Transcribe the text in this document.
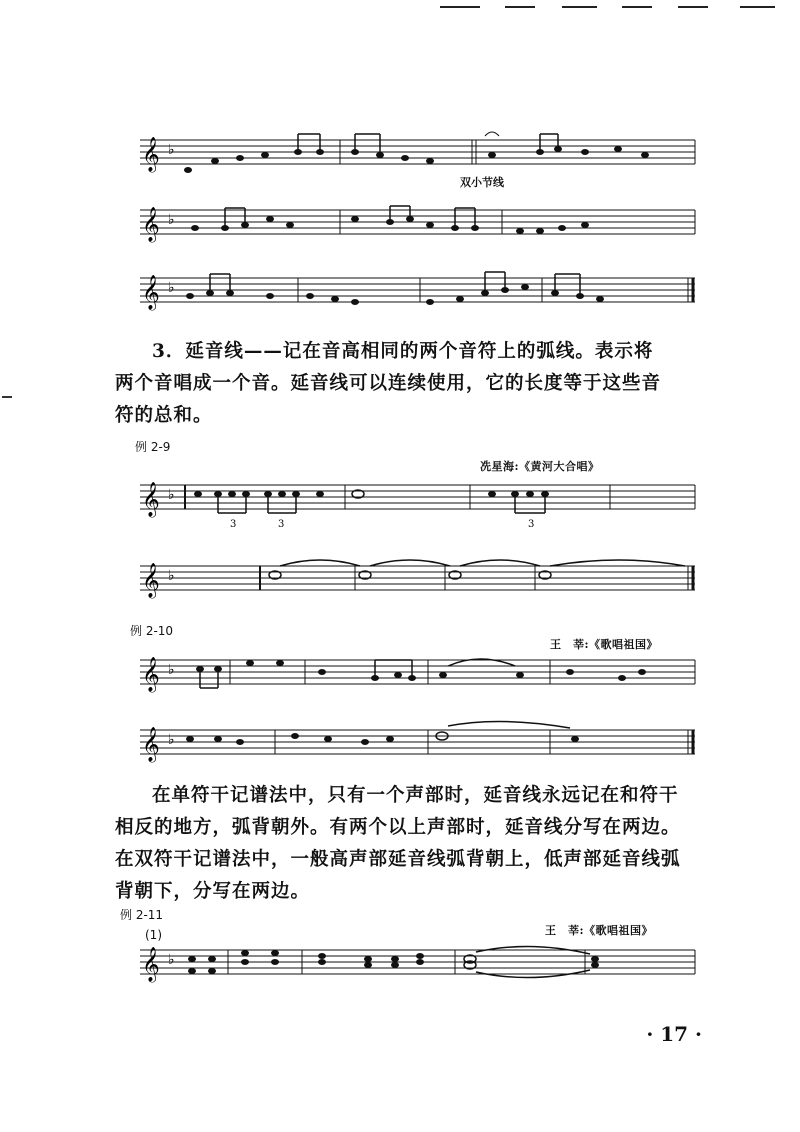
𝄞 ♭
双小节线
𝄞 ♭
𝄞 ♭

3．延音线——记在音高相同的两个音符上的弧线。表示将

两个音唱成一个音。延音线可以连续使用，它的长度等于这些音

符的总和。

例 2-9
冼星海:《黄河大合唱》
𝄞 ♭
3	3	3
𝄞 ♭
例 2-10
王　莘:《歌唱祖国》
𝄞 ♭
𝄞 ♭

在单符干记谱法中，只有一个声部时，延音线永远记在和符干

相反的地方，弧背朝外。有两个以上声部时，延音线分写在两边。

在双符干记谱法中，一般高声部延音线弧背朝上，低声部延音线弧

背朝下，分写在两边。

例 2-11
(1)	王　莘:《歌唱祖国》
𝄞 ♭
· 17 ·
